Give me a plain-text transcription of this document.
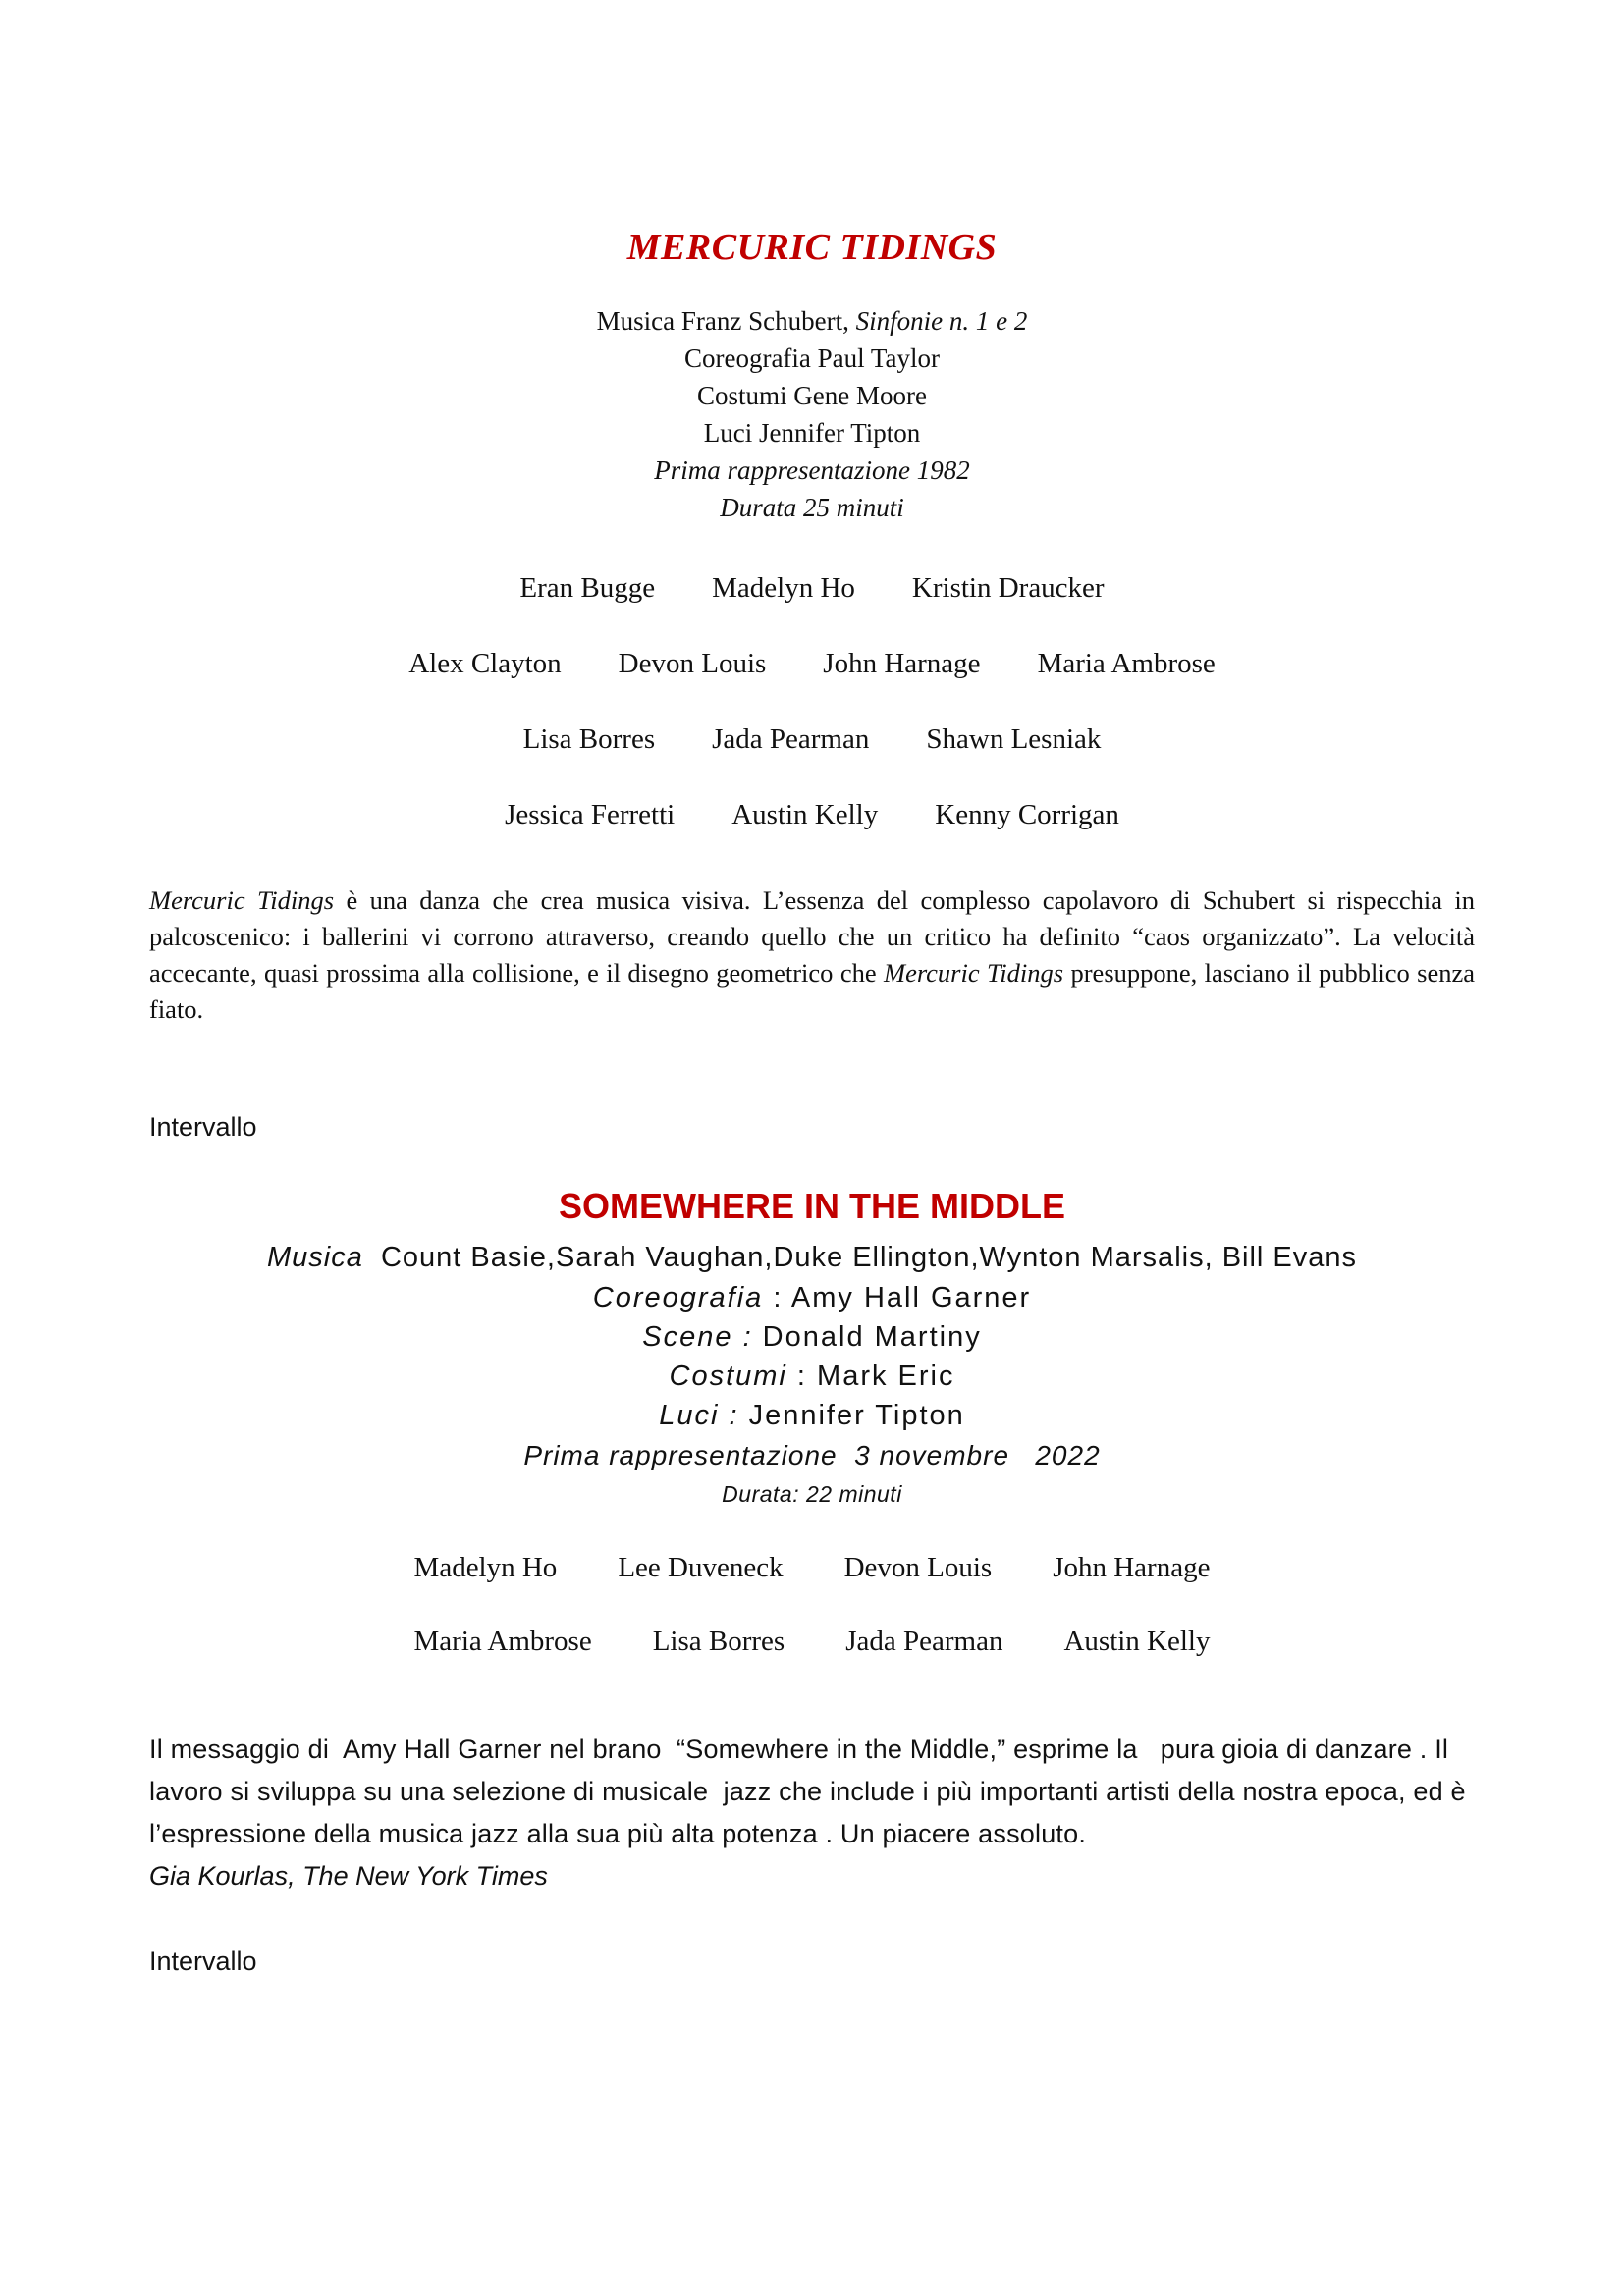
MERCURIC TIDINGS
Musica Franz Schubert, Sinfonie n. 1 e 2
Coreografia Paul Taylor
Costumi Gene Moore
Luci Jennifer Tipton
Prima rappresentazione 1982
Durata 25 minuti
Eran Bugge Madelyn Ho Kristin Draucker
Alex Clayton Devon Louis John Harnage Maria Ambrose
Lisa Borres Jada Pearman Shawn Lesniak
Jessica Ferretti Austin Kelly Kenny Corrigan

Mercuric Tidings è una danza che crea musica visiva. L’essenza del complesso capolavoro di Schubert si rispecchia in palcoscenico: i ballerini vi corrono attraverso, creando quello che un critico ha definito “caos organizzato”. La velocità accecante, quasi prossima alla collisione, e il disegno geometrico che Mercuric Tidings presuppone, lasciano il pubblico senza fiato.

Intervallo
SOMEWHERE IN THE MIDDLE
Musica  Count Basie,Sarah Vaughan,Duke Ellington,Wynton Marsalis, Bill Evans
Coreografia : Amy Hall Garner
Scene : Donald Martiny
Costumi : Mark Eric
Luci : Jennifer Tipton
Prima rappresentazione  3 novembre   2022
Durata: 22 minuti
Madelyn Ho Lee Duveneck Devon Louis John Harnage
Maria Ambrose Lisa Borres Jada Pearman Austin Kelly

Il messaggio di  Amy Hall Garner nel brano  “Somewhere in the Middle,” esprime la   pura gioia di danzare . Il lavoro si sviluppa su una selezione di musicale  jazz che include i più importanti artisti della nostra epoca, ed è l’espressione della musica jazz alla sua più alta potenza . Un piacere assoluto.

Gia Kourlas, The New York Times
Intervallo
